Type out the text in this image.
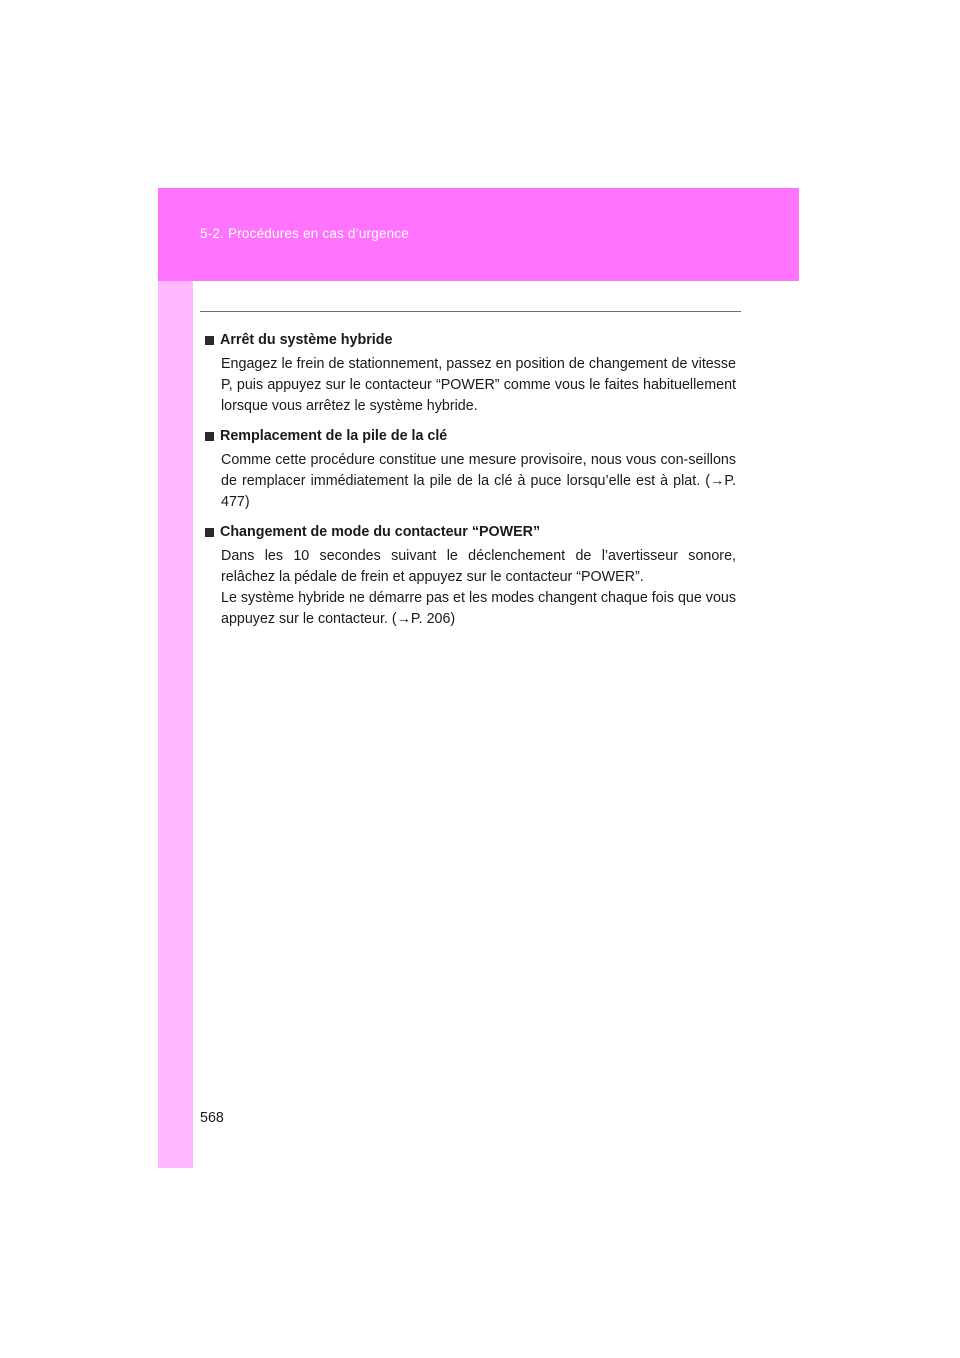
5-2. Procédures en cas d’urgence
Arrêt du système hybride
Engagez le frein de stationnement, passez en position de changement de vitesse P, puis appuyez sur le contacteur “POWER” comme vous le faites habituellement lorsque vous arrêtez le système hybride.
Remplacement de la pile de la clé
Comme cette procédure constitue une mesure provisoire, nous vous con-seillons de remplacer immédiatement la pile de la clé à puce lorsqu’elle est à plat. (→P. 477)
Changement de mode du contacteur “POWER”
Dans les 10 secondes suivant le déclenchement de l’avertisseur sonore, relâchez la pédale de frein et appuyez sur le contacteur “POWER”.
Le système hybride ne démarre pas et les modes changent chaque fois que vous appuyez sur le contacteur. (→P. 206)
568
